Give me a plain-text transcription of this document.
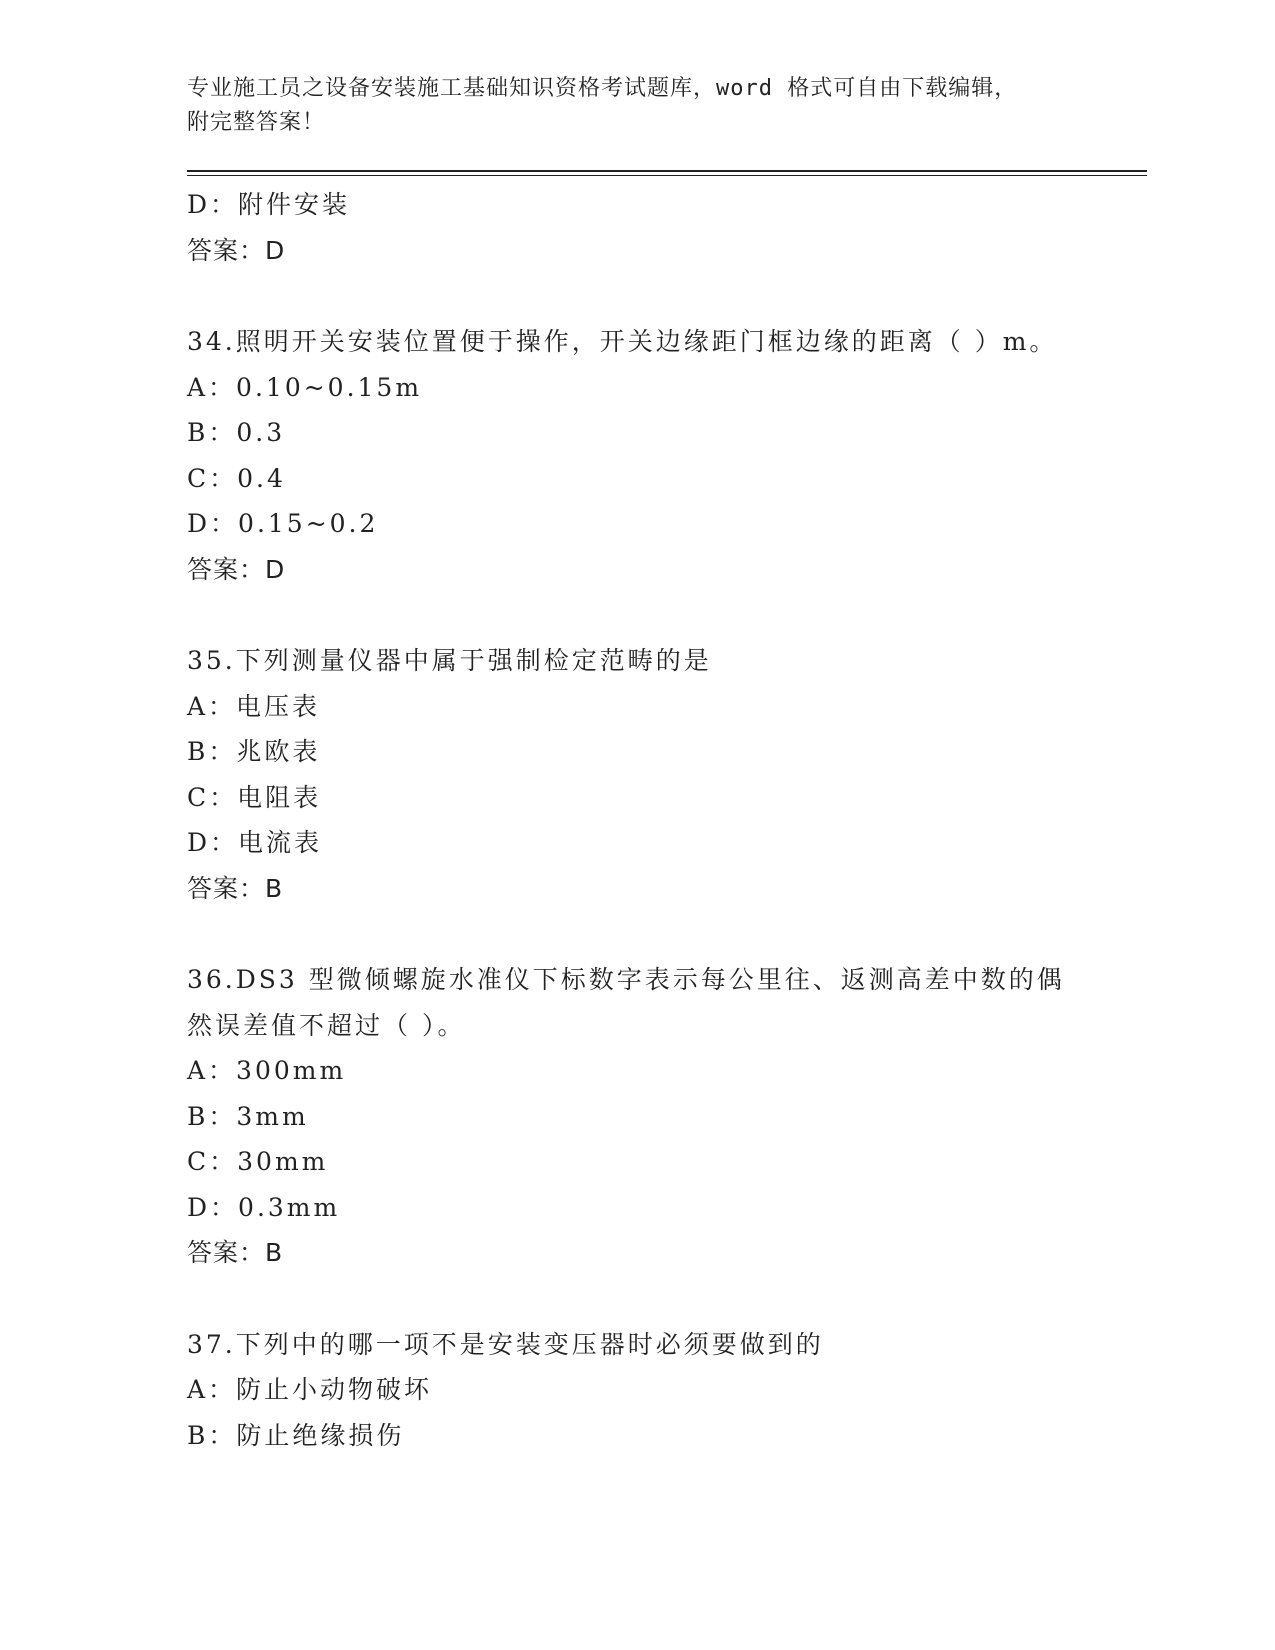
专业施工员之设备安装施工基础知识资格考试题库，word 格式可自由下载编辑，
附完整答案！
D：附件安装
答案：D
34.照明开关安装位置便于操作，开关边缘距门框边缘的距离（ ）m。
A：0.10~0.15m
B：0.3
C：0.4
D：0.15~0.2
答案：D
35.下列测量仪器中属于强制检定范畴的是
A：电压表
B：兆欧表
C：电阻表
D：电流表
答案：B
36.DS3 型微倾螺旋水准仪下标数字表示每公里往、返测高差中数的偶
然误差值不超过（ ）。
A：300mm
B：3mm
C：30mm
D：0.3mm
答案：B
37.下列中的哪一项不是安装变压器时必须要做到的
A：防止小动物破坏
B：防止绝缘损伤
